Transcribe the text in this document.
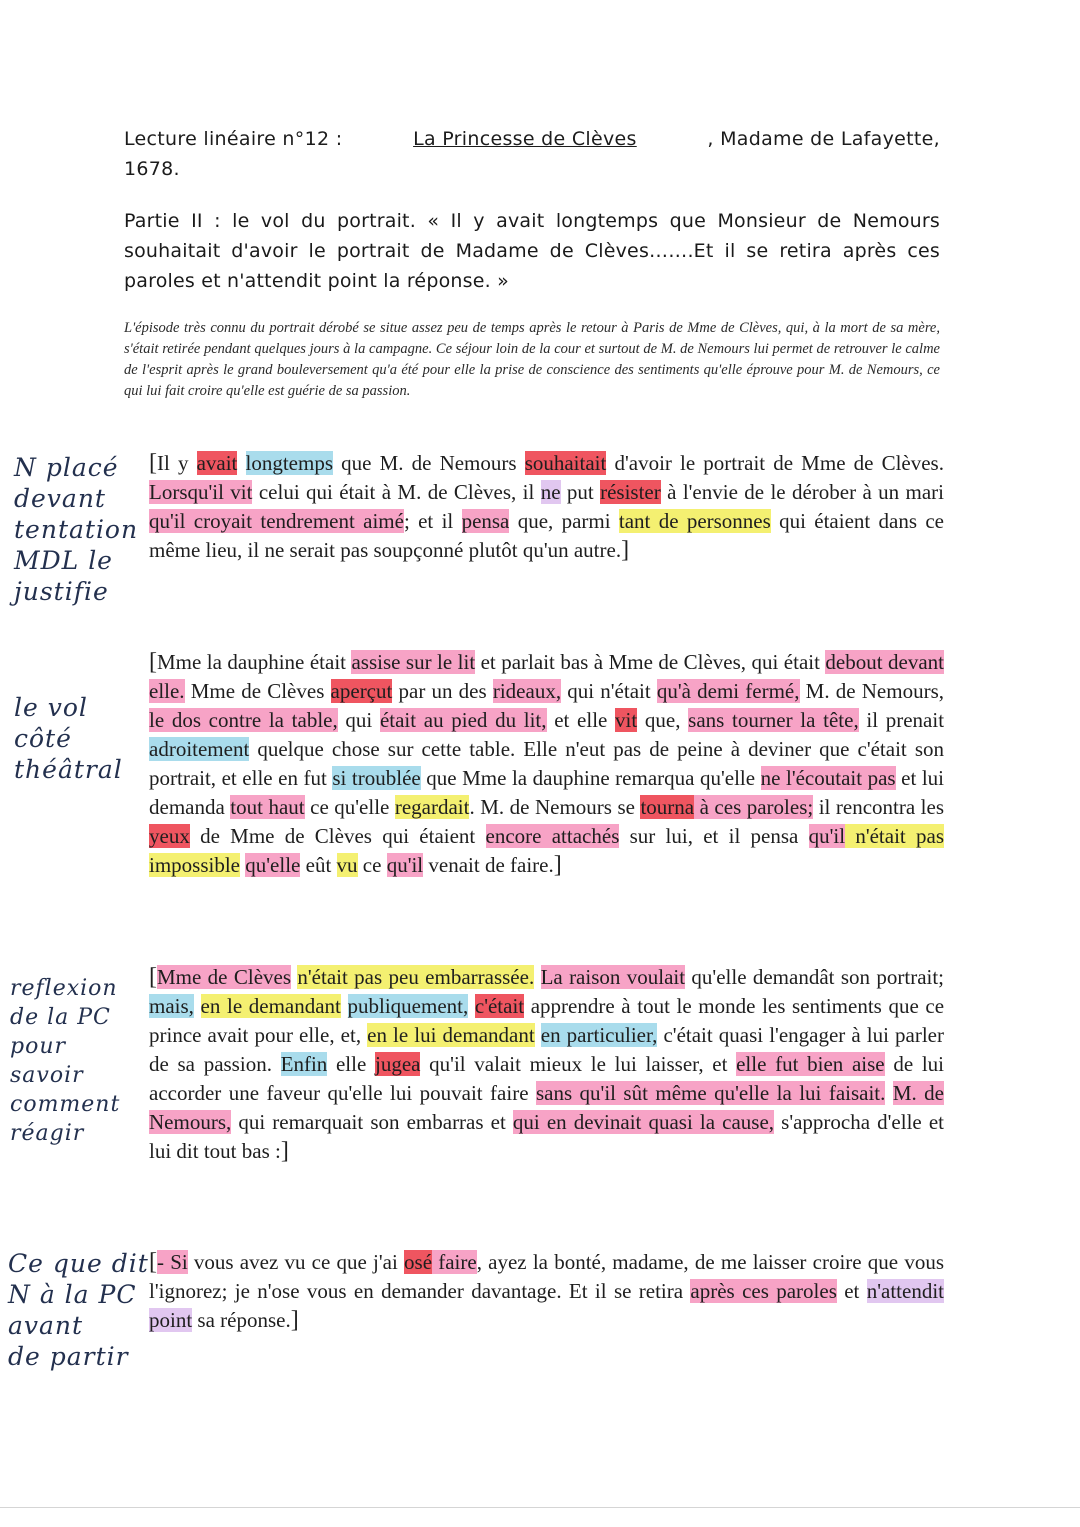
Lecture linéaire n°12 :	La Princesse de Clèves	, Madame de Lafayette,
1678.
Partie II : le vol du portrait. « Il y avait longtemps que Monsieur de Nemours souhaitait d'avoir le portrait de Madame de Clèves…….Et il se retira après ces paroles et n'attendit point la réponse. »
L'épisode très connu du portrait dérobé se situe assez peu de temps après le retour à Paris de Mme de Clèves, qui, à la mort de sa mère, s'était retirée pendant quelques jours à la campagne. Ce séjour loin de la cour et surtout de M. de Nemours lui permet de retrouver le calme de l'esprit après le grand bouleversement qu'a été pour elle la prise de conscience des sentiments qu'elle éprouve pour M. de Nemours, ce qui lui fait croire qu'elle est guérie de sa passion.

[Il y avait longtemps que M. de Nemours souhaitait d'avoir le portrait de Mme de Clèves. Lorsqu'il vit celui qui était à M. de Clèves, il ne put résister à l'envie de le dérober à un mari qu'il croyait tendrement aimé; et il pensa que, parmi tant de personnes qui étaient dans ce même lieu, il ne serait pas soupçonné plutôt qu'un autre.]

[Mme la dauphine était assise sur le lit et parlait bas à Mme de Clèves, qui était debout devant elle. Mme de Clèves aperçut par un des rideaux, qui n'était qu'à demi fermé, M. de Nemours, le dos contre la table, qui était au pied du lit, et elle vit que, sans tourner la tête, il prenait adroitement quelque chose sur cette table. Elle n'eut pas de peine à deviner que c'était son portrait, et elle en fut si troublée que Mme la dauphine remarqua qu'elle ne l'écoutait pas et lui demanda tout haut ce qu'elle regardait. M. de Nemours se tourna à ces paroles; il rencontra les yeux de Mme de Clèves qui étaient encore attachés sur lui, et il pensa qu'il n'était pas impossible qu'elle eût vu ce qu'il venait de faire.]

[Mme de Clèves n'était pas peu embarrassée. La raison voulait qu'elle demandât son portrait; mais, en le demandant publiquement, c'était apprendre à tout le monde les sentiments que ce prince avait pour elle, et, en le lui demandant en particulier, c'était quasi l'engager à lui parler de sa passion. Enfin elle jugea qu'il valait mieux le lui laisser, et elle fut bien aise de lui accorder une faveur qu'elle lui pouvait faire sans qu'il sût même qu'elle la lui faisait. M. de Nemours, qui remarquait son embarras et qui en devinait quasi la cause, s'approcha d'elle et lui dit tout bas :]

[- Si vous avez vu ce que j'ai osé faire, ayez la bonté, madame, de me laisser croire que vous l'ignorez; je n'ose vous en demander davantage. Et il se retira après ces paroles et n'attendit point sa réponse.]

N placé
devant
tentation
MDL le
justifie
le vol
côté
théâtral
reflexion
de la PC
pour
savoir
comment
réagir
Ce que dit
N à la PC
avant
de partir
